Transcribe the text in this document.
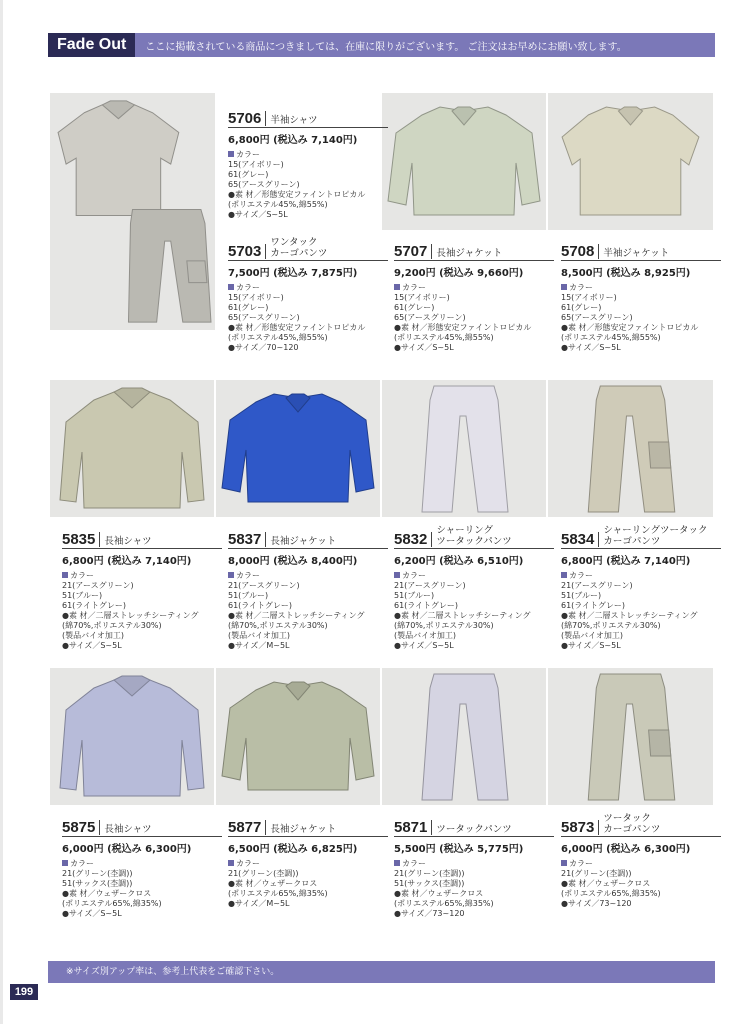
Fade Out	ここに掲載されている商品につきましては、在庫に限りがございます。 ご注文はお早めにお願い致します。
5706 半袖シャツ
6,800円 (税込み 7,140円)
カラー
15(アイボリー)
61(グレー)
65(アースグリーン)
●素 材／形態安定ファイントロピカル
(ポリエステル45%,綿55%)
●サイズ／S~5L
5703
ワンタック
カーゴパンツ
7,500円 (税込み 7,875円)
カラー
15(アイボリー)
61(グレー)
65(アースグリーン)
●素 材／形態安定ファイントロピカル
(ポリエステル45%,綿55%)
●サイズ／70~120
5707 長袖ジャケット
9,200円 (税込み 9,660円)
カラー
15(アイボリー)
61(グレー)
65(アースグリーン)
●素 材／形態安定ファイントロピカル
(ポリエステル45%,綿55%)
●サイズ／S~5L
5708 半袖ジャケット
8,500円 (税込み 8,925円)
カラー
15(アイボリー)
61(グレー)
65(アースグリーン)
●素 材／形態安定ファイントロピカル
(ポリエステル45%,綿55%)
●サイズ／S~5L
5835 長袖シャツ
6,800円 (税込み 7,140円)
カラー
21(アースグリーン)
51(ブルー)
61(ライトグレー)
●素 材／二層ストレッチシーティング
(綿70%,ポリエステル30%)
(製品バイオ加工)
●サイズ／S~5L
5837 長袖ジャケット
8,000円 (税込み 8,400円)
カラー
21(アースグリーン)
51(ブルー)
61(ライトグレー)
●素 材／二層ストレッチシーティング
(綿70%,ポリエステル30%)
(製品バイオ加工)
●サイズ／M~5L
5832
シャーリング
ツータックパンツ
6,200円 (税込み 6,510円)
カラー
21(アースグリーン)
51(ブルー)
61(ライトグレー)
●素 材／二層ストレッチシーティング
(綿70%,ポリエステル30%)
(製品バイオ加工)
●サイズ／S~5L
5834
シャーリングツータック
カーゴパンツ
6,800円 (税込み 7,140円)
カラー
21(アースグリーン)
51(ブルー)
61(ライトグレー)
●素 材／二層ストレッチシーティング
(綿70%,ポリエステル30%)
(製品バイオ加工)
●サイズ／S~5L
5875 長袖シャツ
6,000円 (税込み 6,300円)
カラー
21(グリーン(杢調))
51(サックス(杢調))
●素 材／ウェザークロス
(ポリエステル65%,綿35%)
●サイズ／S~5L
5877 長袖ジャケット
6,500円 (税込み 6,825円)
カラー
21(グリーン(杢調))
●素 材／ウェザークロス
(ポリエステル65%,綿35%)
●サイズ／M~5L
5871 ツータックパンツ
5,500円 (税込み 5,775円)
カラー
21(グリーン(杢調))
51(サックス(杢調))
●素 材／ウェザークロス
(ポリエステル65%,綿35%)
●サイズ／73~120
5873
ツータック
カーゴパンツ
6,000円 (税込み 6,300円)
カラー
21(グリーン(杢調))
●素 材／ウェザークロス
(ポリエステル65%,綿35%)
●サイズ／73~120
※サイズ別アップ率は、参考上代表をご確認下さい。
199
